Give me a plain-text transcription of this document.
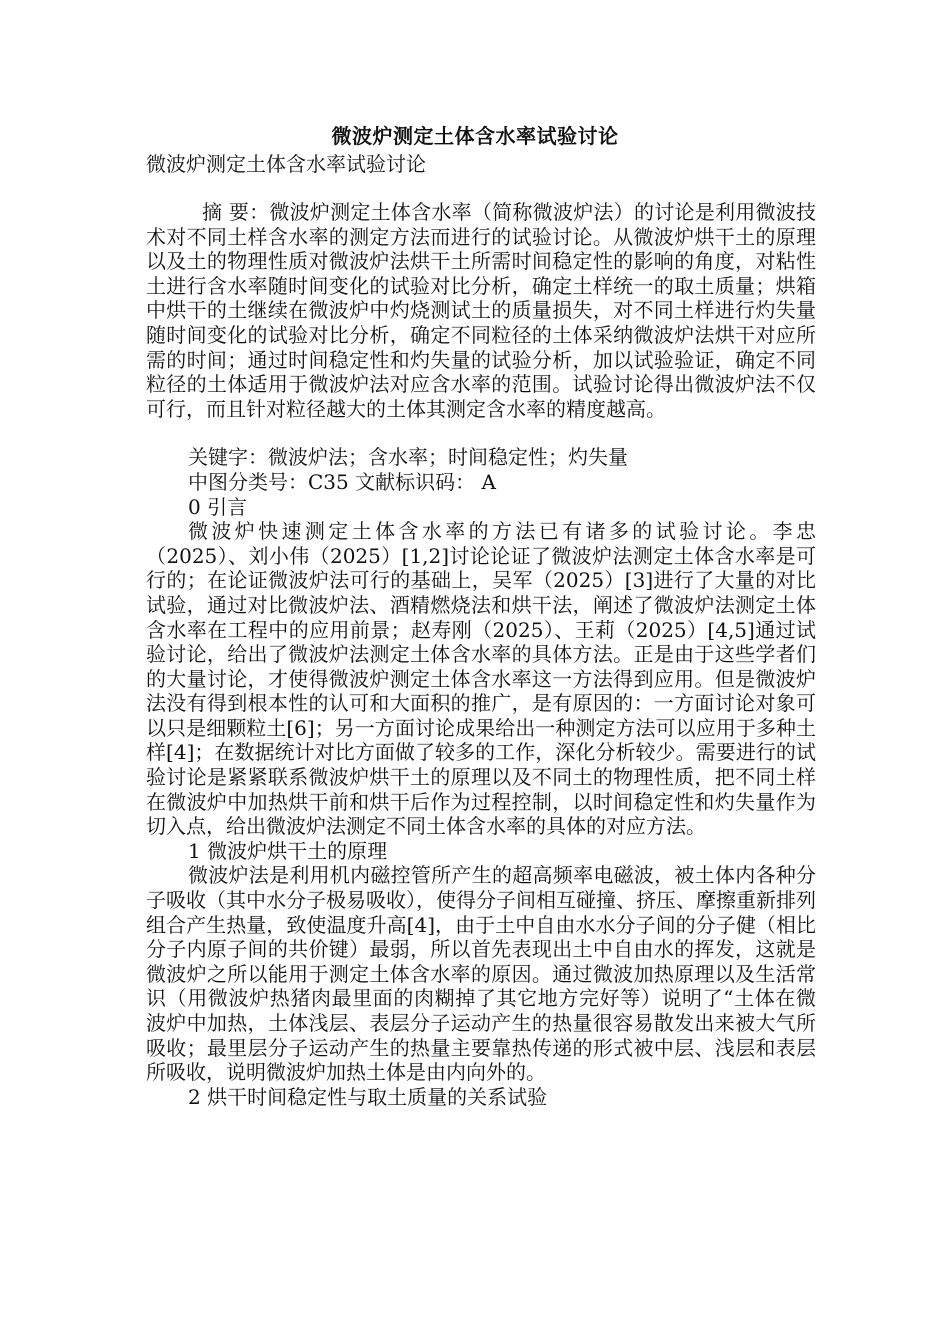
微波炉测定土体含水率试验讨论
微波炉测定土体含水率试验讨论

摘 要：微波炉测定土体含水率（简称微波炉法）的讨论是利用微波技术对不同土样含水率的测定方法而进行的试验讨论。从微波炉烘干土的原理以及土的物理性质对微波炉法烘干土所需时间稳定性的影响的角度，对粘性土进行含水率随时间变化的试验对比分析，确定土样统一的取土质量；烘箱中烘干的土继续在微波炉中灼烧测试土的质量损失，对不同土样进行灼失量随时间变化的试验对比分析，确定不同粒径的土体采纳微波炉法烘干对应所需的时间；通过时间稳定性和灼失量的试验分析，加以试验验证，确定不同粒径的土体适用于微波炉法对应含水率的范围。试验讨论得出微波炉法不仅可行，而且针对粒径越大的土体其测定含水率的精度越高。

关键字：微波炉法；含水率；时间稳定性；灼失量

中图分类号：C35 文献标识码： A

0 引言

微波炉快速测定土体含水率的方法已有诸多的试验讨论。李忠（2025）、刘小伟（2025）[1,2]讨论论证了微波炉法测定土体含水率是可行的；在论证微波炉法可行的基础上，吴军（2025）[3]进行了大量的对比试验，通过对比微波炉法、酒精燃烧法和烘干法，阐述了微波炉法测定土体含水率在工程中的应用前景；赵寿刚（2025）、王莉（2025）[4,5]通过试验讨论，给出了微波炉法测定土体含水率的具体方法。正是由于这些学者们的大量讨论，才使得微波炉测定土体含水率这一方法得到应用。但是微波炉法没有得到根本性的认可和大面积的推广，是有原因的：一方面讨论对象可以只是细颗粒土[6]；另一方面讨论成果给出一种测定方法可以应用于多种土样[4]；在数据统计对比方面做了较多的工作，深化分析较少。需要进行的试验讨论是紧紧联系微波炉烘干土的原理以及不同土的物理性质，把不同土样在微波炉中加热烘干前和烘干后作为过程控制，以时间稳定性和灼失量作为切入点，给出微波炉法测定不同土体含水率的具体的对应方法。

1 微波炉烘干土的原理

微波炉法是利用机内磁控管所产生的超高频率电磁波，被土体内各种分子吸收（其中水分子极易吸收），使得分子间相互碰撞、挤压、摩擦重新排列组合产生热量，致使温度升高[4]，由于土中自由水水分子间的分子健（相比分子内原子间的共价键）最弱，所以首先表现出土中自由水的挥发，这就是微波炉之所以能用于测定土体含水率的原因。通过微波加热原理以及生活常识（用微波炉热猪肉最里面的肉糊掉了其它地方完好等）说明了“土体在微波炉中加热，土体浅层、表层分子运动产生的热量很容易散发出来被大气所吸收；最里层分子运动产生的热量主要靠热传递的形式被中层、浅层和表层所吸收，说明微波炉加热土体是由内向外的。

2 烘干时间稳定性与取土质量的关系试验
